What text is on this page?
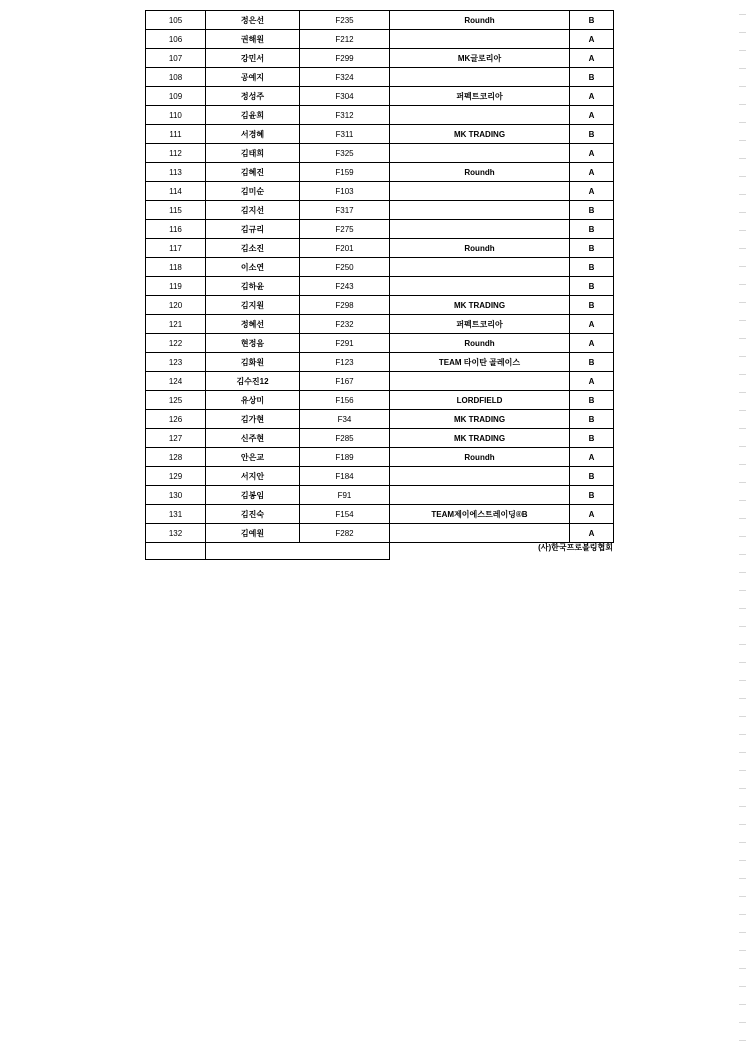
105	정은선	F235	Roundh	B
106	권해원	F212		A
107	강민서	F299	MK글로리아	A
108	공예지	F324		B
109	정성주	F304	퍼펙트코리아	A
110	김윤희	F312		A
111	서경혜	F311	MK TRADING	B
112	김태희	F325		A
113	김혜진	F159	Roundh	A
114	김미순	F103		A
115	김지선	F317		B
116	김규리	F275		B
117	김소진	F201	Roundh	B
118	이소연	F250		B
119	김하윤	F243		B
120	김지원	F298	MK TRADING	B
121	정혜선	F232	퍼펙트코리아	A
122	현정음	F291	Roundh	A
123	김화원	F123	TEAM 타이탄 골레이스	B
124	김수진12	F167		A
125	유상미	F156	LORDFIELD	B
126	김가현	F34	MK TRADING	B
127	신주현	F285	MK TRADING	B
128	안은교	F189	Roundh	A
129	서지안	F184		B
130	김봉임	F91		B
131	김진숙	F154	TEAM제이에스트레이딩®B	A
132	김예원	F282		A

(사)한국프로볼링협회
